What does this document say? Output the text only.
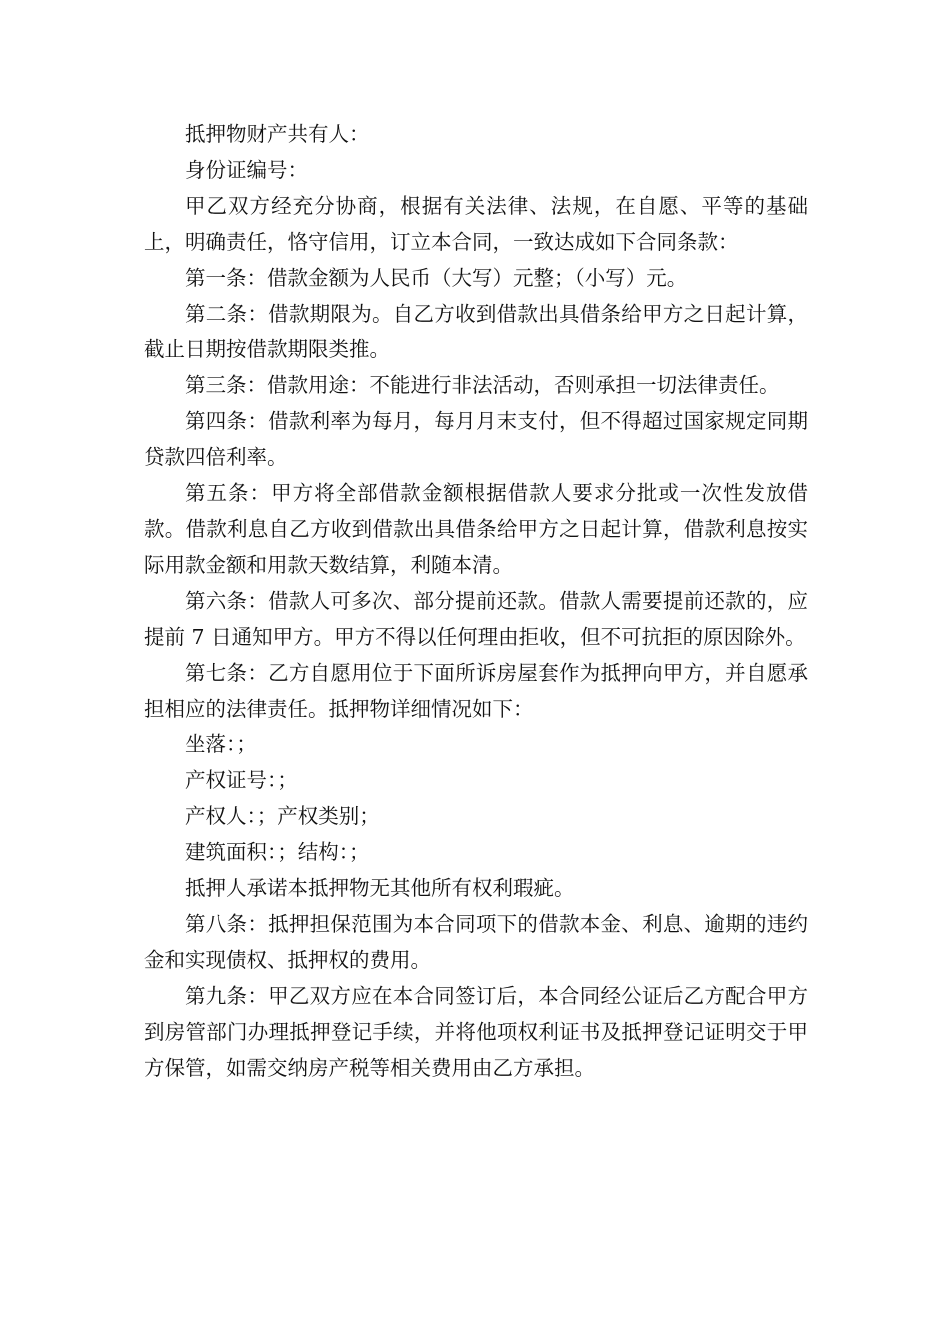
抵押物财产共有人：

身份证编号：

甲乙双方经充分协商，根据有关法律、法规，在自愿、平等的基础上，明确责任，恪守信用，订立本合同，一致达成如下合同条款：

第一条：借款金额为人民币（大写）元整；（小写）元。

第二条：借款期限为。自乙方收到借款出具借条给甲方之日起计算，截止日期按借款期限类推。

第三条：借款用途：不能进行非法活动，否则承担一切法律责任。

第四条：借款利率为每月，每月月末支付，但不得超过国家规定同期贷款四倍利率。

第五条：甲方将全部借款金额根据借款人要求分批或一次性发放借款。借款利息自乙方收到借款出具借条给甲方之日起计算，借款利息按实际用款金额和用款天数结算，利随本清。

第六条：借款人可多次、部分提前还款。借款人需要提前还款的，应提前 7 日通知甲方。甲方不得以任何理由拒收，但不可抗拒的原因除外。

第七条：乙方自愿用位于下面所诉房屋套作为抵押向甲方，并自愿承担相应的法律责任。抵押物详细情况如下：

坐落：；

产权证号：；

产权人：；产权类别；

建筑面积：；结构：；

抵押人承诺本抵押物无其他所有权利瑕疵。

第八条：抵押担保范围为本合同项下的借款本金、利息、逾期的违约金和实现债权、抵押权的费用。

第九条：甲乙双方应在本合同签订后，本合同经公证后乙方配合甲方到房管部门办理抵押登记手续，并将他项权利证书及抵押登记证明交于甲方保管，如需交纳房产税等相关费用由乙方承担。
